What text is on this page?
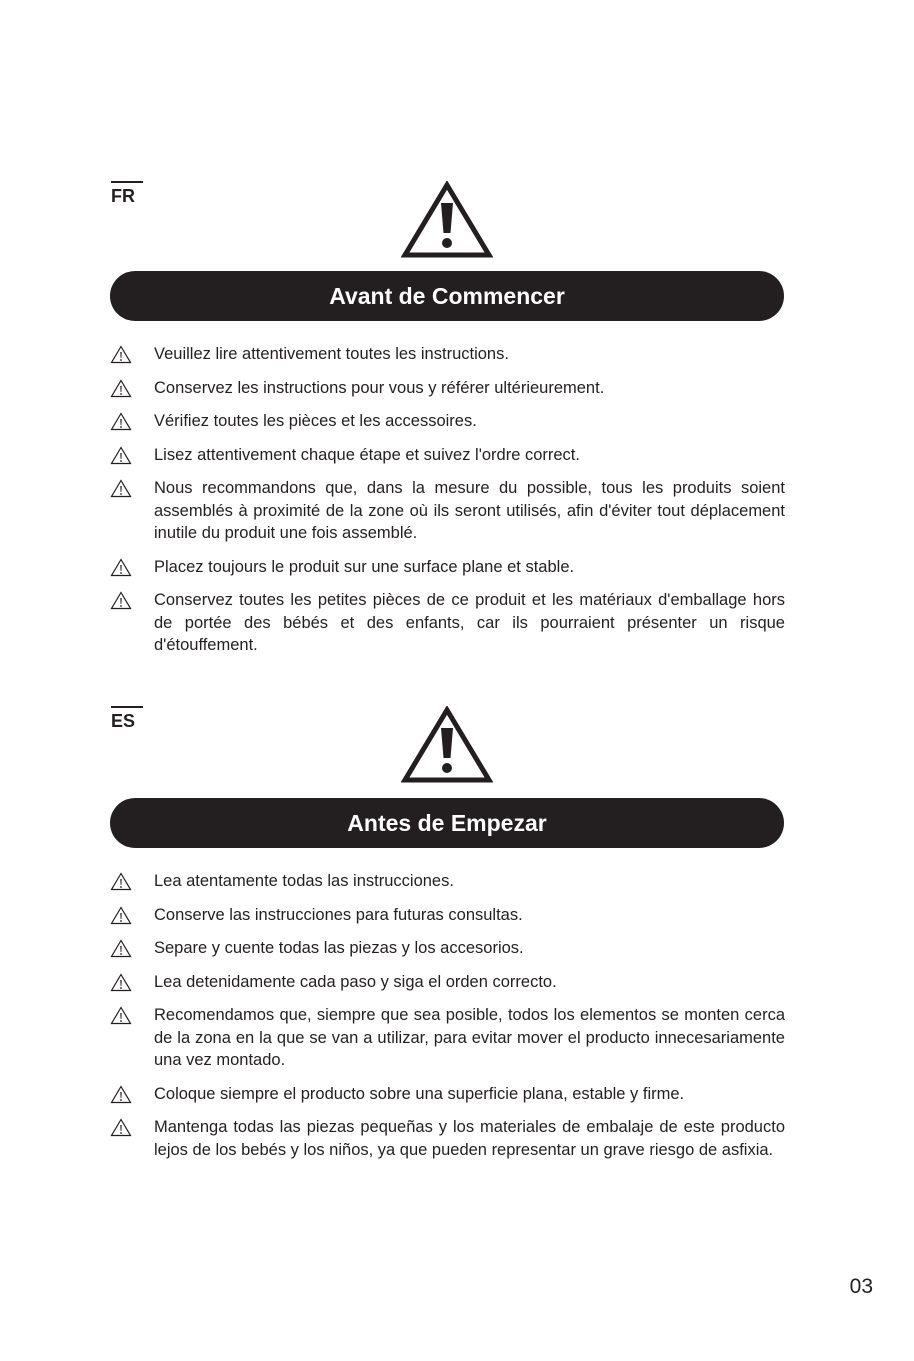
FR
Avant de Commencer
Veuillez lire attentivement toutes les instructions.
Conservez les instructions pour vous y référer ultérieurement.
Vérifiez toutes les pièces et les accessoires.
Lisez attentivement chaque étape et suivez l'ordre correct.
Nous recommandons que, dans la mesure du possible, tous les produits soient assemblés à proximité de la zone où ils seront utilisés, afin d'éviter tout déplacement inutile du produit une fois assemblé.
Placez toujours le produit sur une surface plane et stable.
Conservez toutes les petites pièces de ce produit et les matériaux d'emballage hors de portée des bébés et des enfants, car ils pourraient présenter un risque d'étouffement.
ES
Antes de Empezar
Lea atentamente todas las instrucciones.
Conserve las instrucciones para futuras consultas.
Separe y cuente todas las piezas y los accesorios.
Lea detenidamente cada paso y siga el orden correcto.
Recomendamos que, siempre que sea posible, todos los elementos se monten cerca de la zona en la que se van a utilizar, para evitar mover el producto innecesariamente una vez montado.
Coloque siempre el producto sobre una superficie plana, estable y firme.
Mantenga todas las piezas pequeñas y los materiales de embalaje de este producto lejos de los bebés y los niños, ya que pueden representar un grave riesgo de asfixia.
03
